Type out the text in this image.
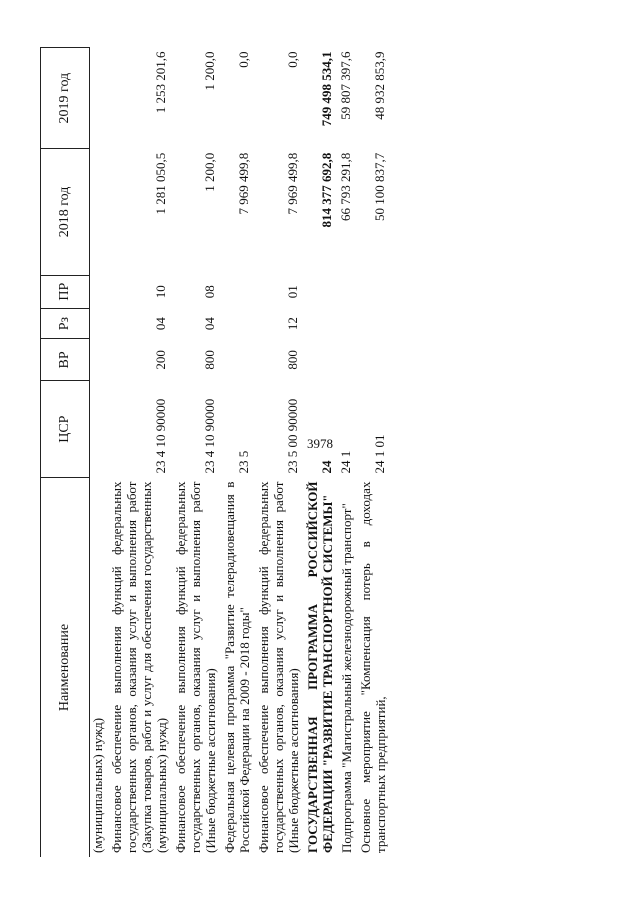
3978
Наименование	ЦСР	ВР	Рз	ПР	2018 год	2019 год
(муниципальных) нужд)						
Финансовое обеспечение выполнения функций федеральных государственных органов, оказания услуг и выполнения работ (Закупка товаров, работ и услуг для обеспечения государственных (муниципальных) нужд)	23 4 10 90000	200	04	10	1 281 050,5	1 253 201,6
Финансовое обеспечение выполнения функций федеральных государственных органов, оказания услуг и выполнения работ (Иные бюджетные ассигнования)	23 4 10 90000	800	04	08	1 200,0	1 200,0
Федеральная целевая программа "Развитие телерадиовещания в Российской Федерации на 2009 - 2018 годы"	23 5				7 969 499,8	0,0
Финансовое обеспечение выполнения функций федеральных государственных органов, оказания услуг и выполнения работ (Иные бюджетные ассигнования)	23 5 00 90000	800	12	01	7 969 499,8	0,0
ГОСУДАРСТВЕННАЯ ПРОГРАММА РОССИЙСКОЙ ФЕДЕРАЦИИ "РАЗВИТИЕ ТРАНСПОРТНОЙ СИСТЕМЫ"	24				814 377 692,8	749 498 534,1
Подпрограмма "Магистральный железнодорожный транспорт"	24 1				66 793 291,8	59 807 397,6
Основное мероприятие "Компенсация потерь в доходах транспортных предприятий,	24 1 01				50 100 837,7	48 932 853,9
